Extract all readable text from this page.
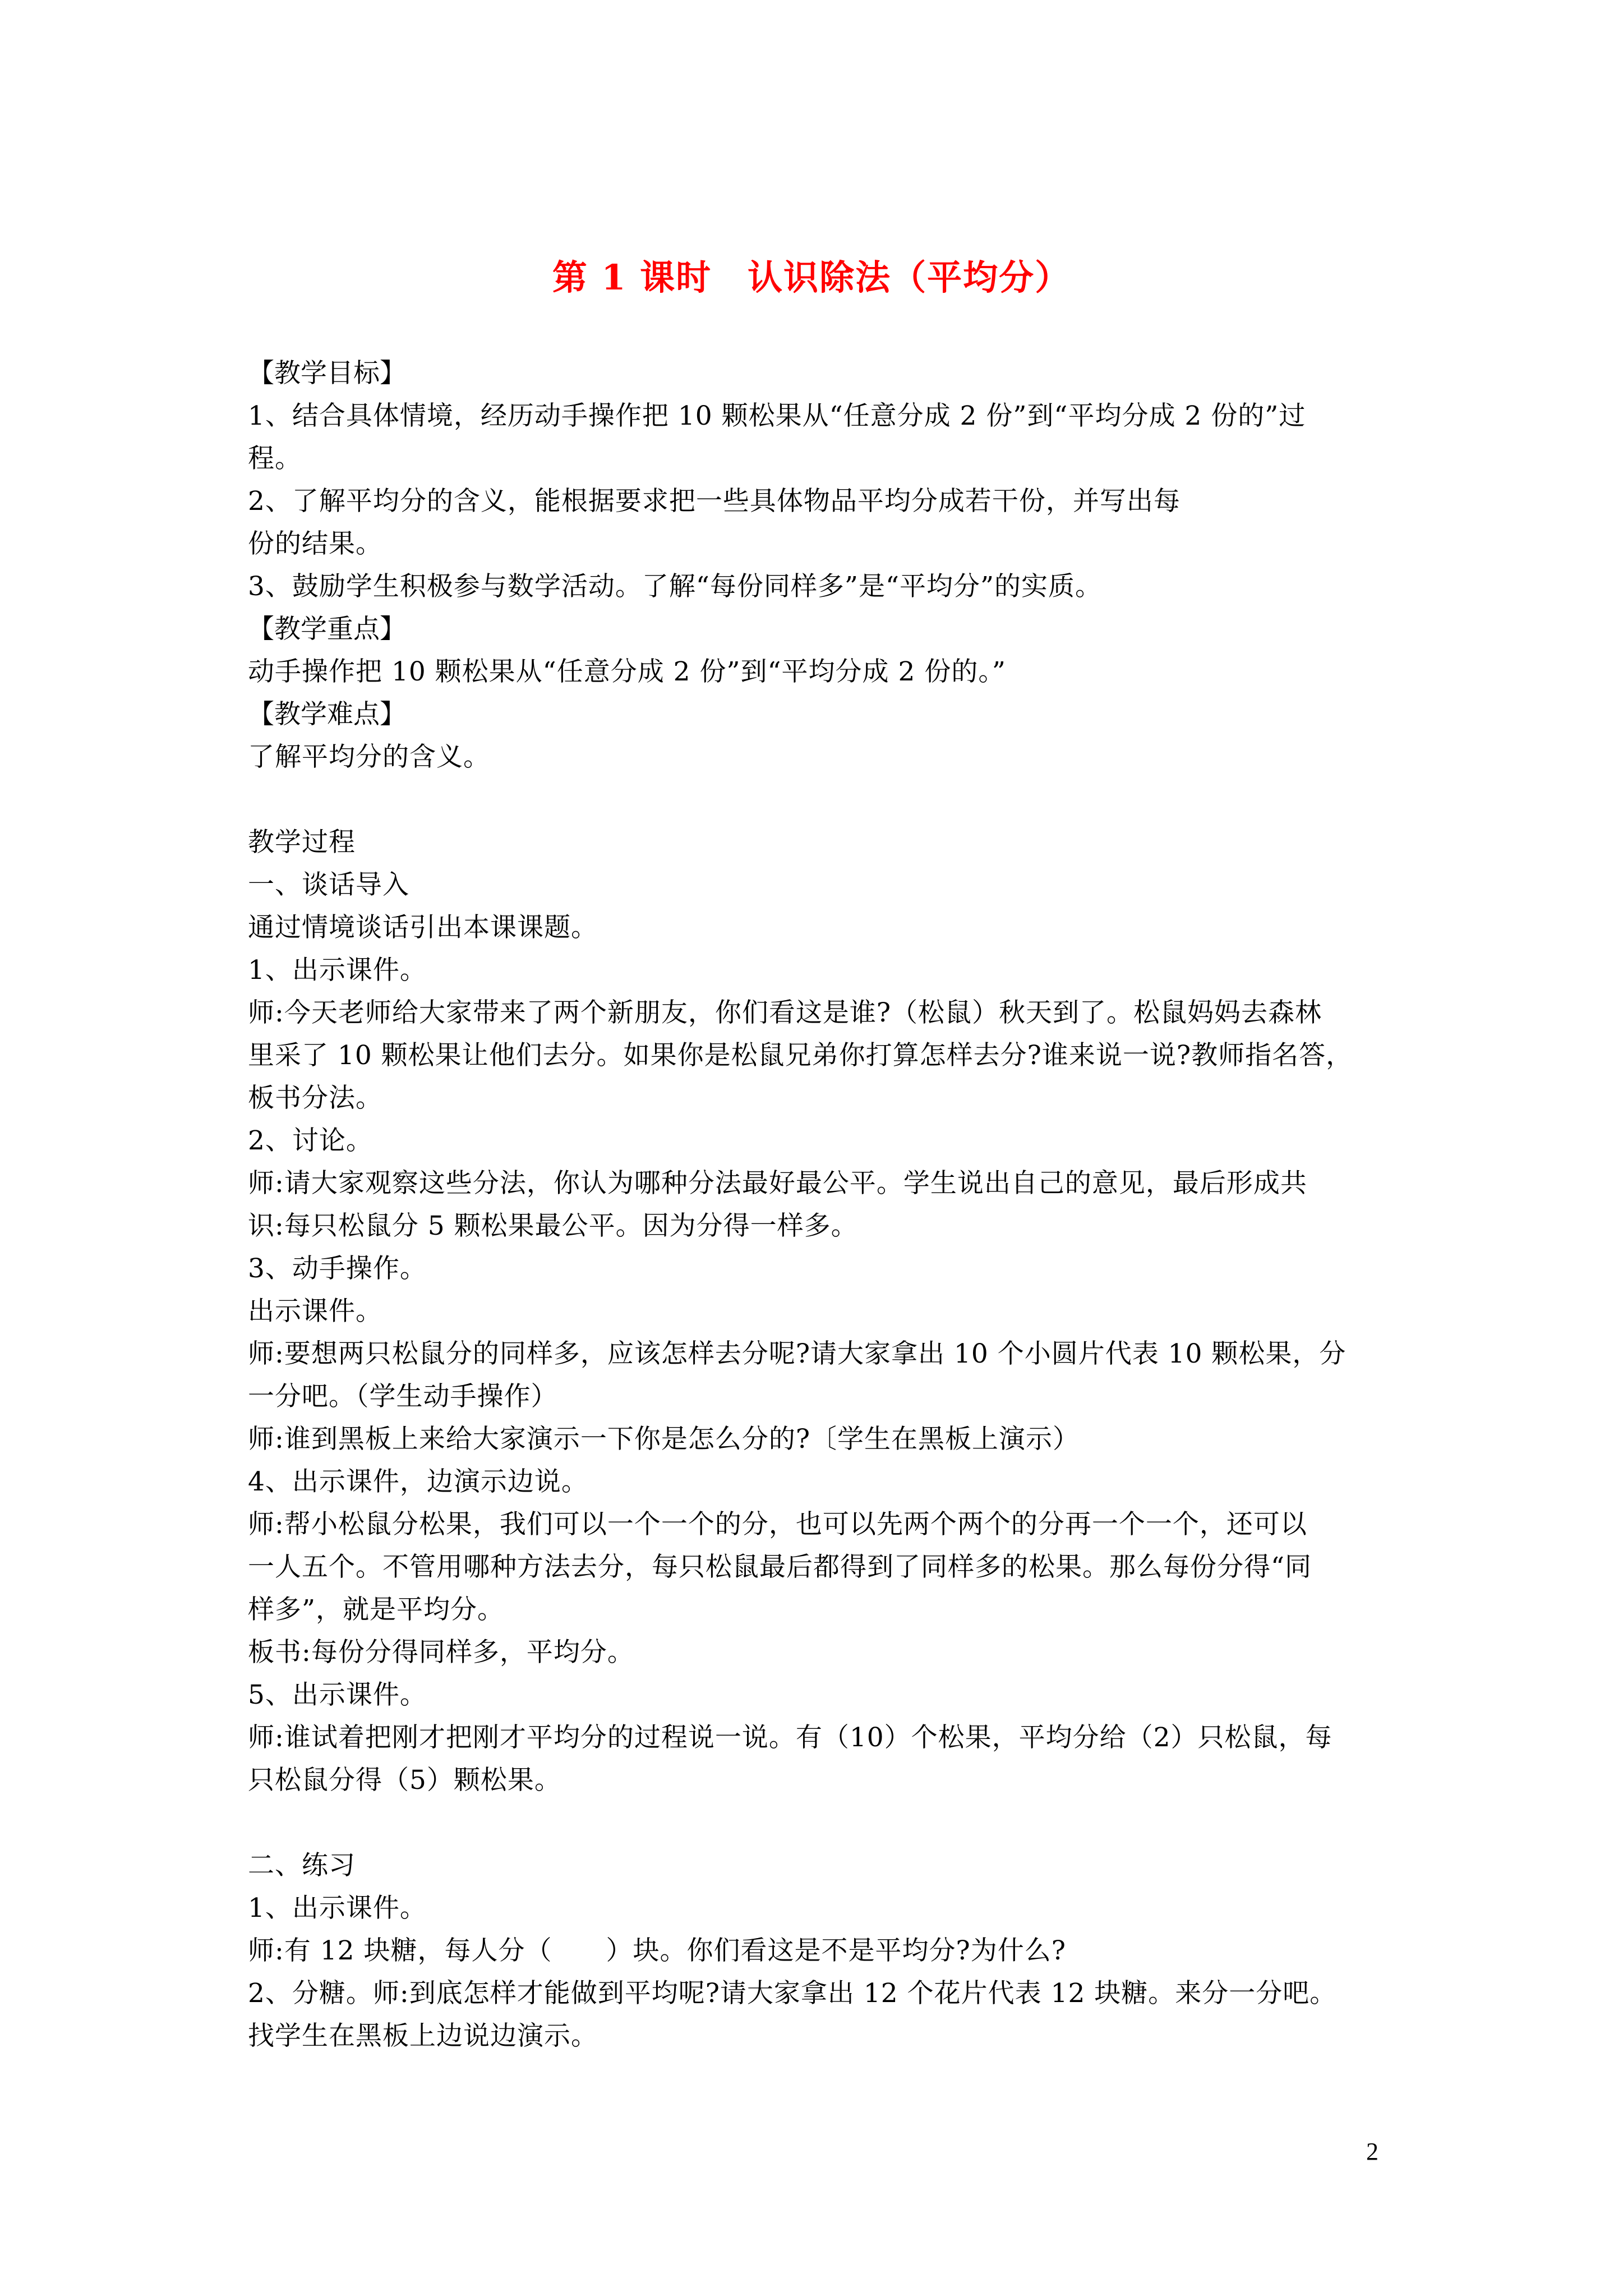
第 1 课时　认识除法（平均分）
【教学目标】
1、结合具体情境，经历动手操作把 10 颗松果从“任意分成 2 份”到“平均分成 2 份的”过
程。
2、了解平均分的含义，能根据要求把一些具体物品平均分成若干份，并写出每
份的结果。
3、鼓励学生积极参与数学活动。了解“每份同样多”是“平均分”的实质。
【教学重点】
动手操作把 10 颗松果从“任意分成 2 份”到“平均分成 2 份的。”
【教学难点】
了解平均分的含义。
教学过程
一、谈话导入
通过情境谈话引出本课课题。
1、出示课件。
师:今天老师给大家带来了两个新朋友，你们看这是谁?（松鼠）秋天到了。松鼠妈妈去森林
里采了 10 颗松果让他们去分。如果你是松鼠兄弟你打算怎样去分?谁来说一说?教师指名答，
板书分法。
2、讨论。
师:请大家观察这些分法，你认为哪种分法最好最公平。学生说出自己的意见，最后形成共
识:每只松鼠分 5 颗松果最公平。因为分得一样多。
3、动手操作。
出示课件。
师:要想两只松鼠分的同样多，应该怎样去分呢?请大家拿出 10 个小圆片代表 10 颗松果，分
一分吧。（学生动手操作）
师:谁到黑板上来给大家演示一下你是怎么分的?〔学生在黑板上演示）
4、出示课件，边演示边说。
师:帮小松鼠分松果，我们可以一个一个的分，也可以先两个两个的分再一个一个，还可以
一人五个。不管用哪种方法去分，每只松鼠最后都得到了同样多的松果。那么每份分得“同
样多”，就是平均分。
板书:每份分得同样多，平均分。
5、出示课件。
师:谁试着把刚才把刚才平均分的过程说一说。有（10）个松果，平均分给（2）只松鼠，每
只松鼠分得（5）颗松果。
二、练习
1、出示课件。
师:有 12 块糖，每人分（　　）块。你们看这是不是平均分?为什么?
2、分糖。师:到底怎样才能做到平均呢?请大家拿出 12 个花片代表 12 块糖。来分一分吧。
找学生在黑板上边说边演示。
2
